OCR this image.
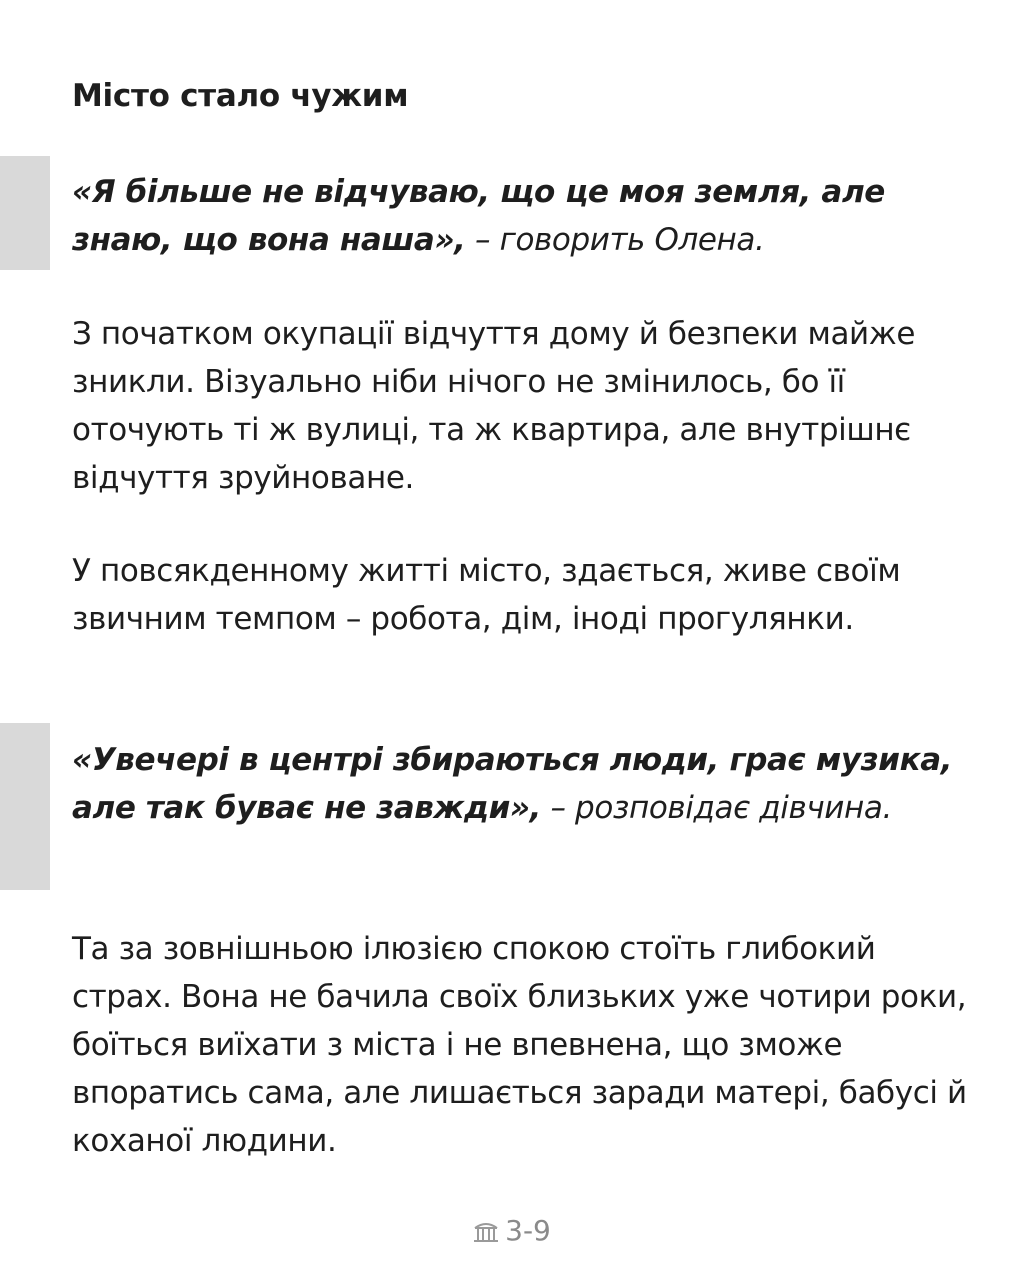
Місто стало чужим

«Я більше не відчуваю, що це моя земля, але знаю, що вона наша», – говорить Олена.

З початком окупації відчуття дому й безпеки майже зникли. Візуально ніби нічого не змінилось, бо її оточують ті ж вулиці, та ж квартира, але внутрішнє відчуття зруйноване.

У повсякденному житті місто, здається, живе своїм звичним темпом – робота, дім, іноді прогулянки.

«Увечері в центрі збираються люди, грає музика, але так буває не завжди», – розповідає дівчина.

Та за зовнішньою ілюзією спокою стоїть глибокий страх. Вона не бачила своїх близьких уже чотири роки, боїться виїхати з міста і не впевнена, що зможе впоратись сама, але лишається заради матері, бабусі й коханої людини.

3-9
